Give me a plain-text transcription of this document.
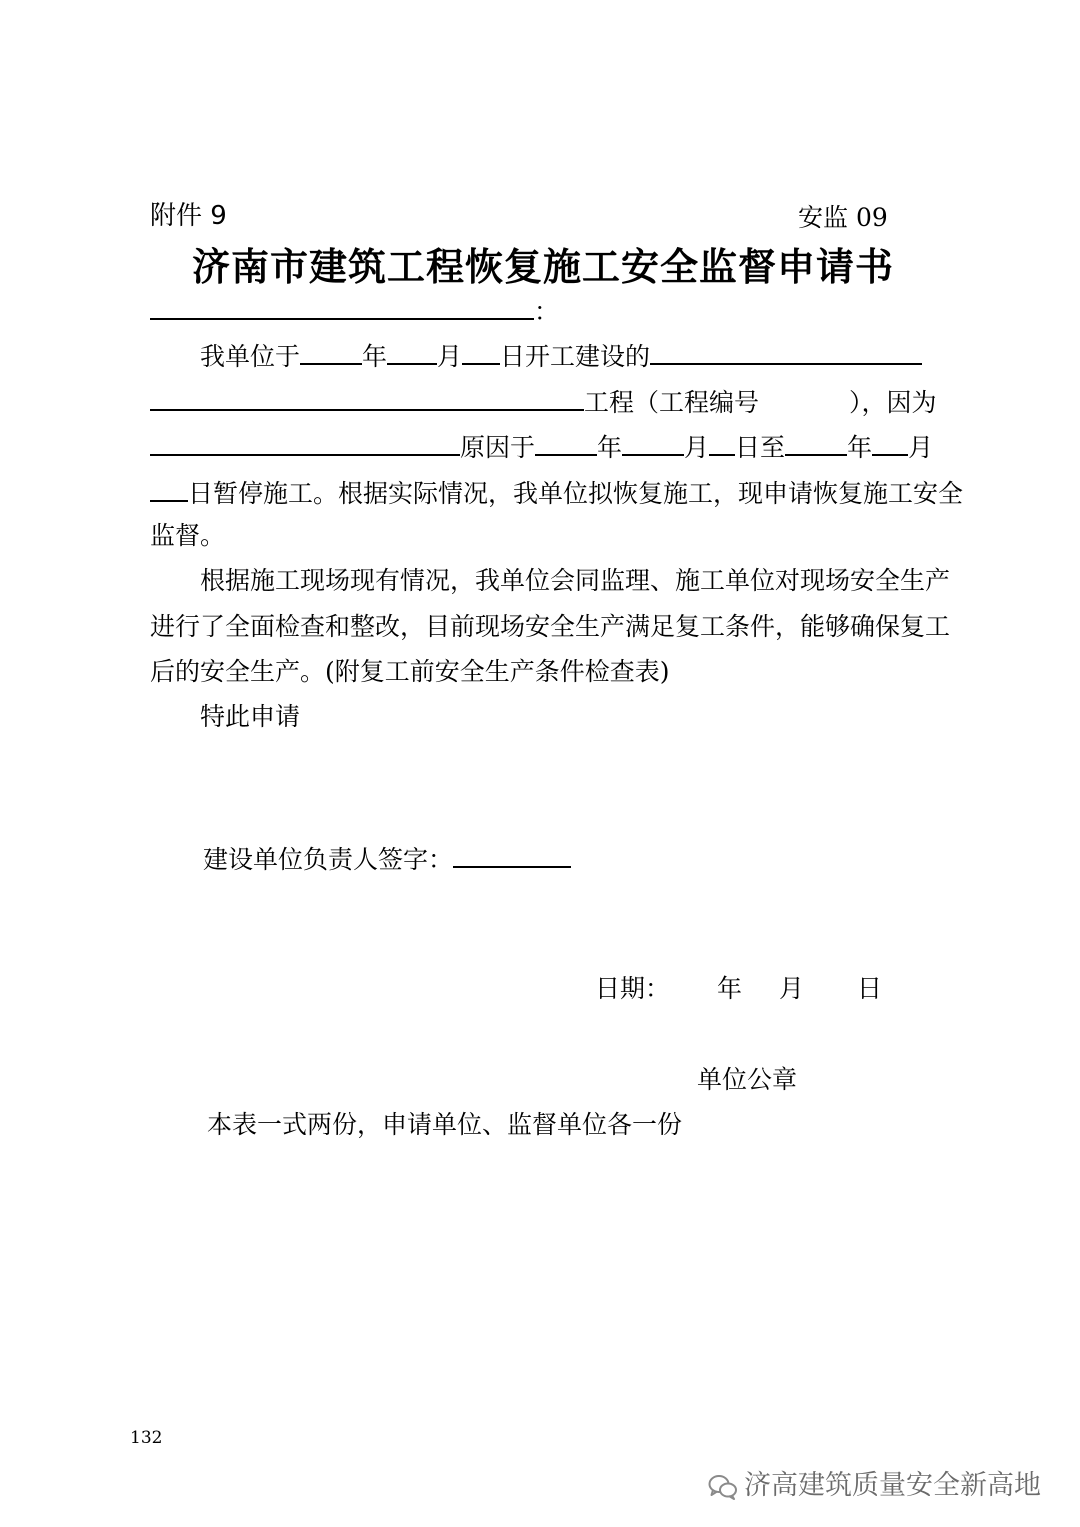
附件 9	安监 09
济南市建筑工程恢复施工安全监督申请书
：
我单位于 年 月 日开工建设的
工程（工程编号	），因为
原因于 年 月 日至 年 月
日暂停施工。根据实际情况，我单位拟恢复施工，现申请恢复施工安全
监督。
根据施工现场现有情况，我单位会同监理、施工单位对现场安全生产
进行了全面检查和整改，目前现场安全生产满足复工条件，能够确保复工
后的安全生产。(附复工前安全生产条件检查表)
特此申请
建设单位负责人签字：
日期： 年 月 日
单位公章
本表一式两份，申请单位、监督单位各一份
132
济高建筑质量安全新高地
